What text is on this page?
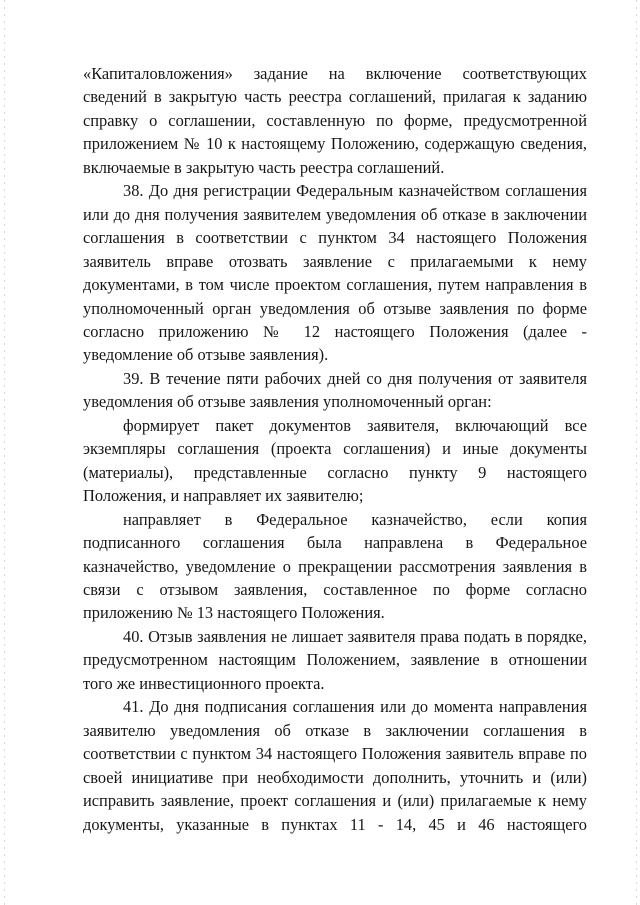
«Капиталовложения» задание на включение соответствующих сведений в закрытую часть реестра соглашений, прилагая к заданию справку о соглашении, составленную по форме, предусмотренной приложением № 10 к настоящему Положению, содержащую сведения, включаемые в закрытую часть реестра соглашений.

38. До дня регистрации Федеральным казначейством соглашения или до дня получения заявителем уведомления об отказе в заключении соглашения в соответствии с пунктом 34 настоящего Положения заявитель вправе отозвать заявление с прилагаемыми к нему документами, в том числе проектом соглашения, путем направления в уполномоченный орган уведомления об отзыве заявления по форме согласно приложению № 12 настоящего Положения (далее - уведомление об отзыве заявления).

39. В течение пяти рабочих дней со дня получения от заявителя уведомления об отзыве заявления уполномоченный орган:

формирует пакет документов заявителя, включающий все экземпляры соглашения (проекта соглашения) и иные документы (материалы), представленные согласно пункту 9 настоящего Положения, и направляет их заявителю;

направляет в Федеральное казначейство, если копия подписанного соглашения была направлена в Федеральное казначейство, уведомление о прекращении рассмотрения заявления в связи с отзывом заявления, составленное по форме согласно приложению № 13 настоящего Положения.

40. Отзыв заявления не лишает заявителя права подать в порядке, предусмотренном настоящим Положением, заявление в отношении того же инвестиционного проекта.

41. До дня подписания соглашения или до момента направления заявителю уведомления об отказе в заключении соглашения в соответствии с пунктом 34 настоящего Положения заявитель вправе по своей инициативе при необходимости дополнить, уточнить и (или) исправить заявление, проект соглашения и (или) прилагаемые к нему документы, указанные в пунктах 11 - 14, 45 и 46 настоящего
